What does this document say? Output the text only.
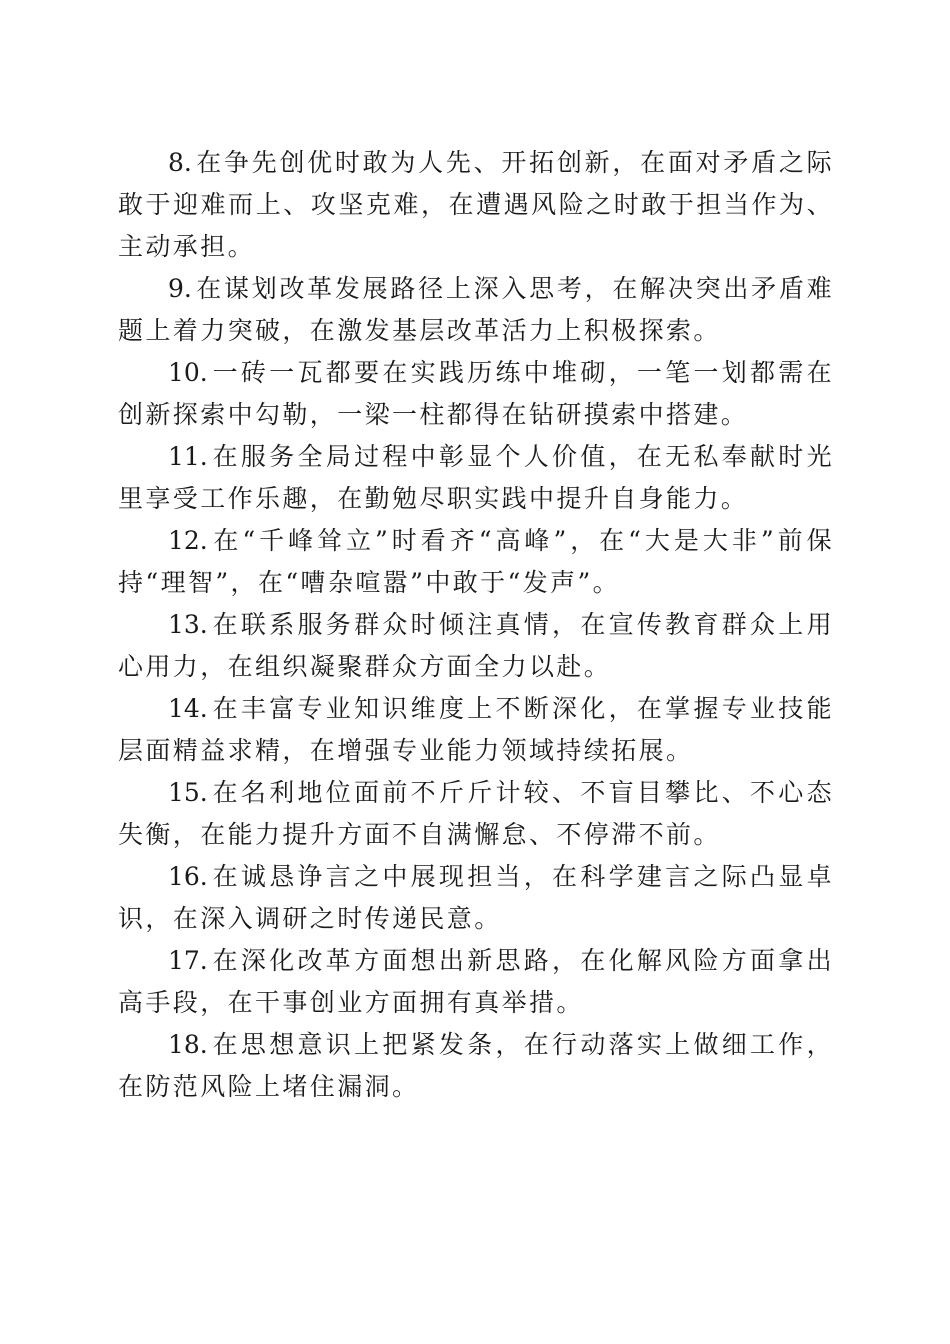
8. 在争先创优时敢为人先、开拓创新，在面对矛盾之际敢于迎难而上、攻坚克难，在遭遇风险之时敢于担当作为、主动承担。

9. 在谋划改革发展路径上深入思考，在解决突出矛盾难题上着力突破，在激发基层改革活力上积极探索。

10. 一砖一瓦都要在实践历练中堆砌，一笔一划都需在创新探索中勾勒，一梁一柱都得在钻研摸索中搭建。

11. 在服务全局过程中彰显个人价值，在无私奉献时光里享受工作乐趣，在勤勉尽职实践中提升自身能力。

12. 在“千峰耸立”时看齐“高峰”，在“大是大非”前保持“理智”，在“嘈杂喧嚣”中敢于“发声”。

13. 在联系服务群众时倾注真情，在宣传教育群众上用心用力，在组织凝聚群众方面全力以赴。

14. 在丰富专业知识维度上不断深化，在掌握专业技能层面精益求精，在增强专业能力领域持续拓展。

15. 在名利地位面前不斤斤计较、不盲目攀比、不心态失衡，在能力提升方面不自满懈怠、不停滞不前。

16. 在诚恳诤言之中展现担当，在科学建言之际凸显卓识，在深入调研之时传递民意。

17. 在深化改革方面想出新思路，在化解风险方面拿出高手段，在干事创业方面拥有真举措。

18. 在思想意识上把紧发条，在行动落实上做细工作，在防范风险上堵住漏洞。
